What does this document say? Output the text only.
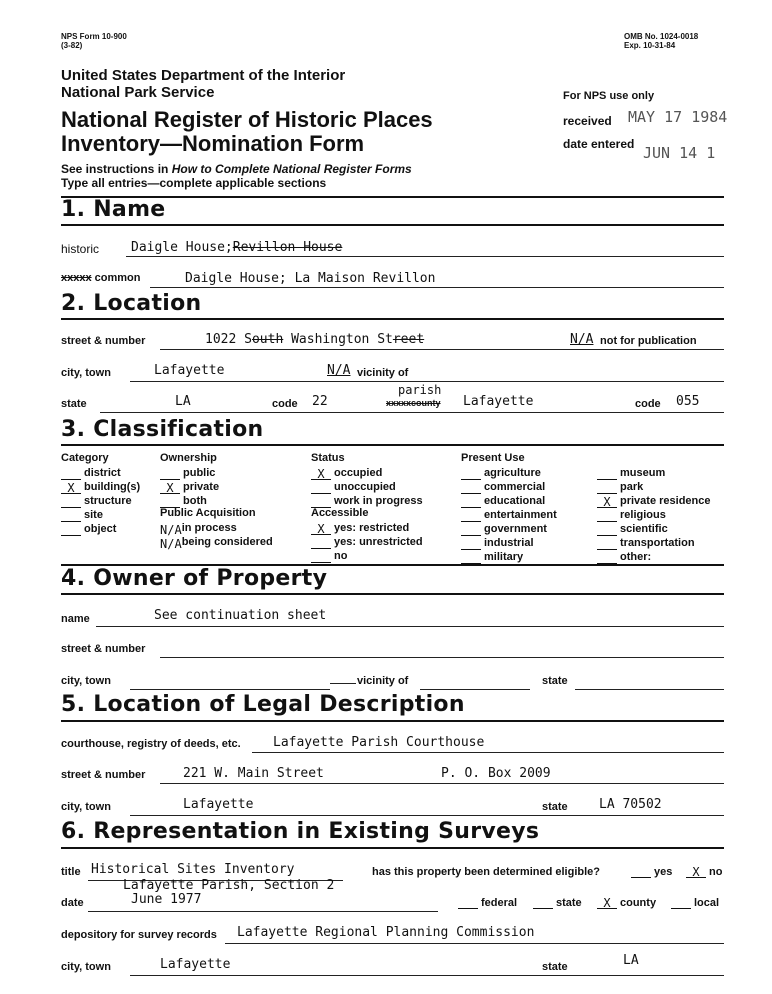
NPS Form 10-900
(3-82)
OMB No. 1024-0018
Exp. 10-31-84
United States Department of the Interior
National Park Service
National Register of Historic Places
Inventory—Nomination Form
See instructions in How to Complete National Register Forms
Type all entries—complete applicable sections
For NPS use only
received MAY 17 1984
date entered JUN 14 1
1. Name
historic Daigle House;Revillon House
xxxxx common	Daigle House; La Maison Revillon
2. Location
street & number	1022 South Washington Street	N/A not for publication
city, town	Lafayette	N/A vicinity of
state	LA	code 22
parish
xxxxxcounty Lafayette	code 055
3. Classification
Category
district
X building(s)
structure
site
object
Ownership
public
X private
both
Public Acquisition
N/Ain process
N/Abeing considered
Status
X occupied
unoccupied
work in progress
Accessible
X yes: restricted
yes: unrestricted
no
Present Use
agriculture
commercial
educational
entertainment
government
industrial
military
museum
park
X private residence
religious
scientific
transportation
other:
4. Owner of Property
name	See continuation sheet
street & number
city, town	vicinity of	state
5. Location of Legal Description
courthouse, registry of deeds, etc. Lafayette Parish Courthouse
street & number	221 W. Main Street	P. O. Box 2009
city, town	Lafayette	state LA 70502
6. Representation in Existing Surveys
title Historical Sites Inventory	has this property been determined eligible?	yes	X no
Lafayette Parish, Section 2
date	June 1977	federal	state	X county	local
depository for survey records Lafayette Regional Planning Commission
city, town	Lafayette	state	LA
